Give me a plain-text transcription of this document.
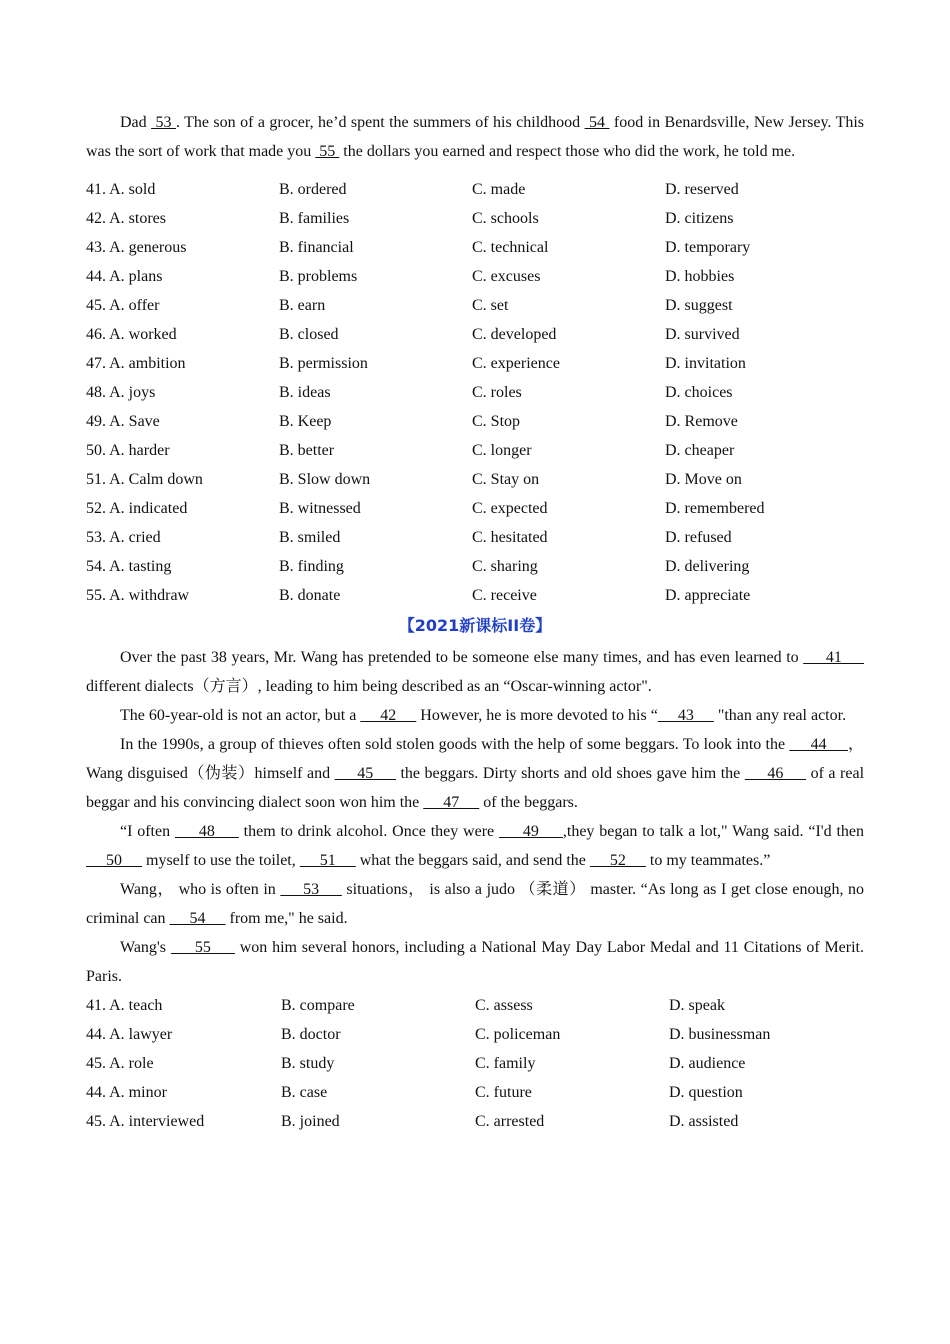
Dad  53 . The son of a grocer, he’d spent the summers of his childhood  54  food in Benardsville, New Jersey. This was the sort of work that made you  55  the dollars you earned and respect those who did the work, he told me.

41. A. sold	B. ordered	C. made	D. reserved
42. A. stores	B. families	C. schools	D. citizens
43. A. generous	B. financial	C. technical	D. temporary
44. A. plans	B. problems	C. excuses	D. hobbies
45. A. offer	B. earn	C. set	D. suggest
46. A. worked	B. closed	C. developed	D. survived
47. A. ambition	B. permission	C. experience	D. invitation
48. A. joys	B. ideas	C. roles	D. choices
49. A. Save	B. Keep	C. Stop	D. Remove
50. A. harder	B. better	C. longer	D. cheaper
51. A. Calm down	B. Slow down	C. Stay on	D. Move on
52. A. indicated	B. witnessed	C. expected	D. remembered
53. A. cried	B. smiled	C. hesitated	D. refused
54. A. tasting	B. finding	C. sharing	D. delivering
55. A. withdraw	B. donate	C. receive	D. appreciate
【2021新课标II卷】

Over the past 38 years, Mr. Wang has pretended to be someone else many times, and has even learned to      41      different dialects（方言）, leading to him being described as an “Oscar-winning actor".

The 60-year-old is not an actor, but a      42      However, he is more devoted to his “     43      "than any real actor.

In the 1990s, a group of thieves often sold stolen goods with the help of some beggars. To look into the      44     ，Wang disguised（伪装）himself and      45      the beggars. Dirty shorts and old shoes gave him the      46      of a real beggar and his convincing dialect soon won him the      47      of the beggars.

“I often      48      them to drink alcohol. Once they were      49     ,they began to talk a lot," Wang said. “I'd then      50      myself to use the toilet,      51      what the beggars said, and send the      52      to my teammates.”

Wang， who is often in      53      situations， is also a judo （柔道） master. “As long as I get close enough, no criminal can      54      from me," he said.

Wang's      55      won him several honors, including a National May Day Labor Medal and 11 Citations of Merit. Paris.

41. A. teach	B. compare	C. assess	D. speak
44. A. lawyer	B. doctor	C. policeman	D. businessman
45. A. role	B. study	C. family	D. audience
44. A. minor	B. case	C. future	D. question
45. A. interviewed	B. joined	C. arrested	D. assisted
